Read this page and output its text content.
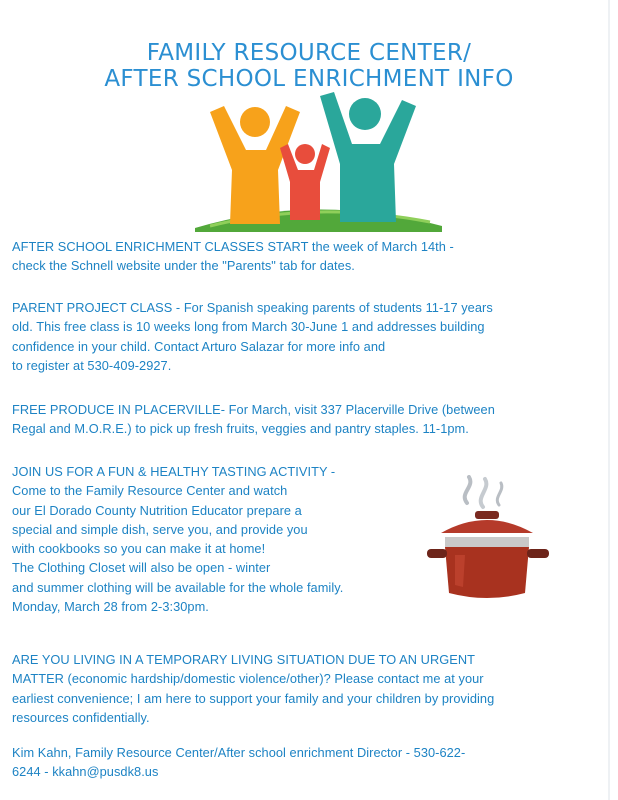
FAMILY RESOURCE CENTER/
AFTER SCHOOL ENRICHMENT INFO

AFTER SCHOOL ENRICHMENT CLASSES START the week of March 14th -
check the Schnell website under the "Parents" tab for dates.

PARENT PROJECT CLASS - For Spanish speaking parents of students 11-17 years
old. This free class is 10 weeks long from March 30-June 1 and addresses building
confidence in your child. Contact Arturo Salazar for more info and
to register at 530-409-2927.

FREE PRODUCE IN PLACERVILLE- For March, visit 337 Placerville Drive (between
Regal and M.O.R.E.) to pick up fresh fruits, veggies and pantry staples. 11-1pm.

JOIN US FOR A FUN & HEALTHY TASTING ACTIVITY -
Come to the Family Resource Center and watch
our El Dorado County Nutrition Educator prepare a
special and simple dish, serve you, and provide you
with cookbooks so you can make it at home!
The Clothing Closet will also be open - winter
and summer clothing will be available for the whole family.
Monday, March 28 from 2-3:30pm.

ARE YOU LIVING IN A TEMPORARY LIVING SITUATION DUE TO AN URGENT
MATTER (economic hardship/domestic violence/other)? Please contact me at your
earliest convenience; I am here to support your family and your children by providing
resources confidentially.

Kim Kahn, Family Resource Center/After school enrichment Director - 530-622-
6244 - kkahn@pusdk8.us
